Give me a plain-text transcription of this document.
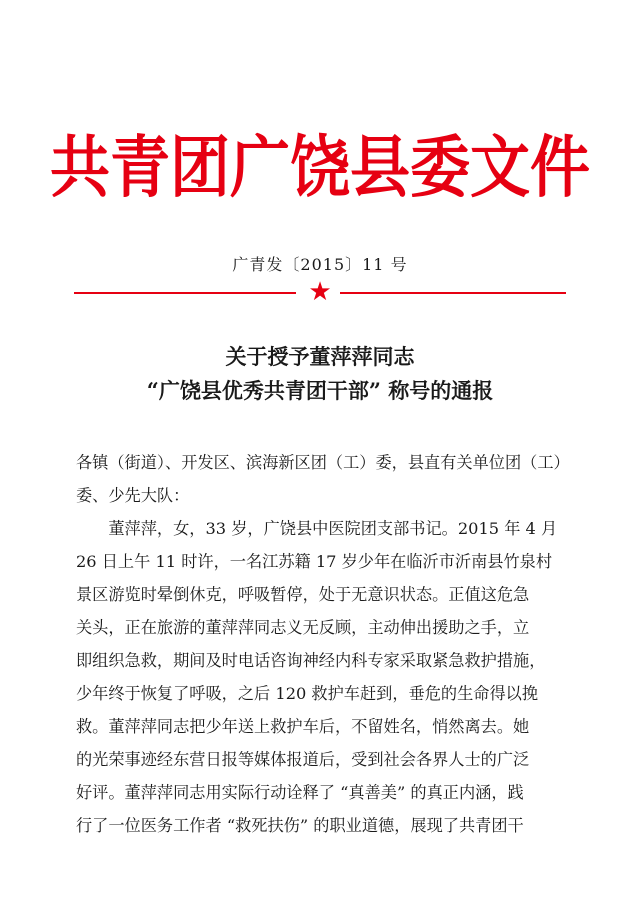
共青团广饶县委文件
广青发〔2015〕11 号
★
关于授予董萍萍同志
“广饶县优秀共青团干部” 称号的通报
各镇（街道）、开发区、滨海新区团（工）委，县直有关单位团（工）
委、少先大队：
　　董萍萍，女，33 岁，广饶县中医院团支部书记。2015 年 4 月
26 日上午 11 时许，一名江苏籍 17 岁少年在临沂市沂南县竹泉村
景区游览时晕倒休克，呼吸暂停，处于无意识状态。正值这危急
关头，正在旅游的董萍萍同志义无反顾，主动伸出援助之手，立
即组织急救，期间及时电话咨询神经内科专家采取紧急救护措施，
少年终于恢复了呼吸，之后 120 救护车赶到，垂危的生命得以挽
救。董萍萍同志把少年送上救护车后，不留姓名，悄然离去。她
的光荣事迹经东营日报等媒体报道后，受到社会各界人士的广泛
好评。董萍萍同志用实际行动诠释了 “真善美” 的真正内涵，践
行了一位医务工作者 “救死扶伤” 的职业道德，展现了共青团干
